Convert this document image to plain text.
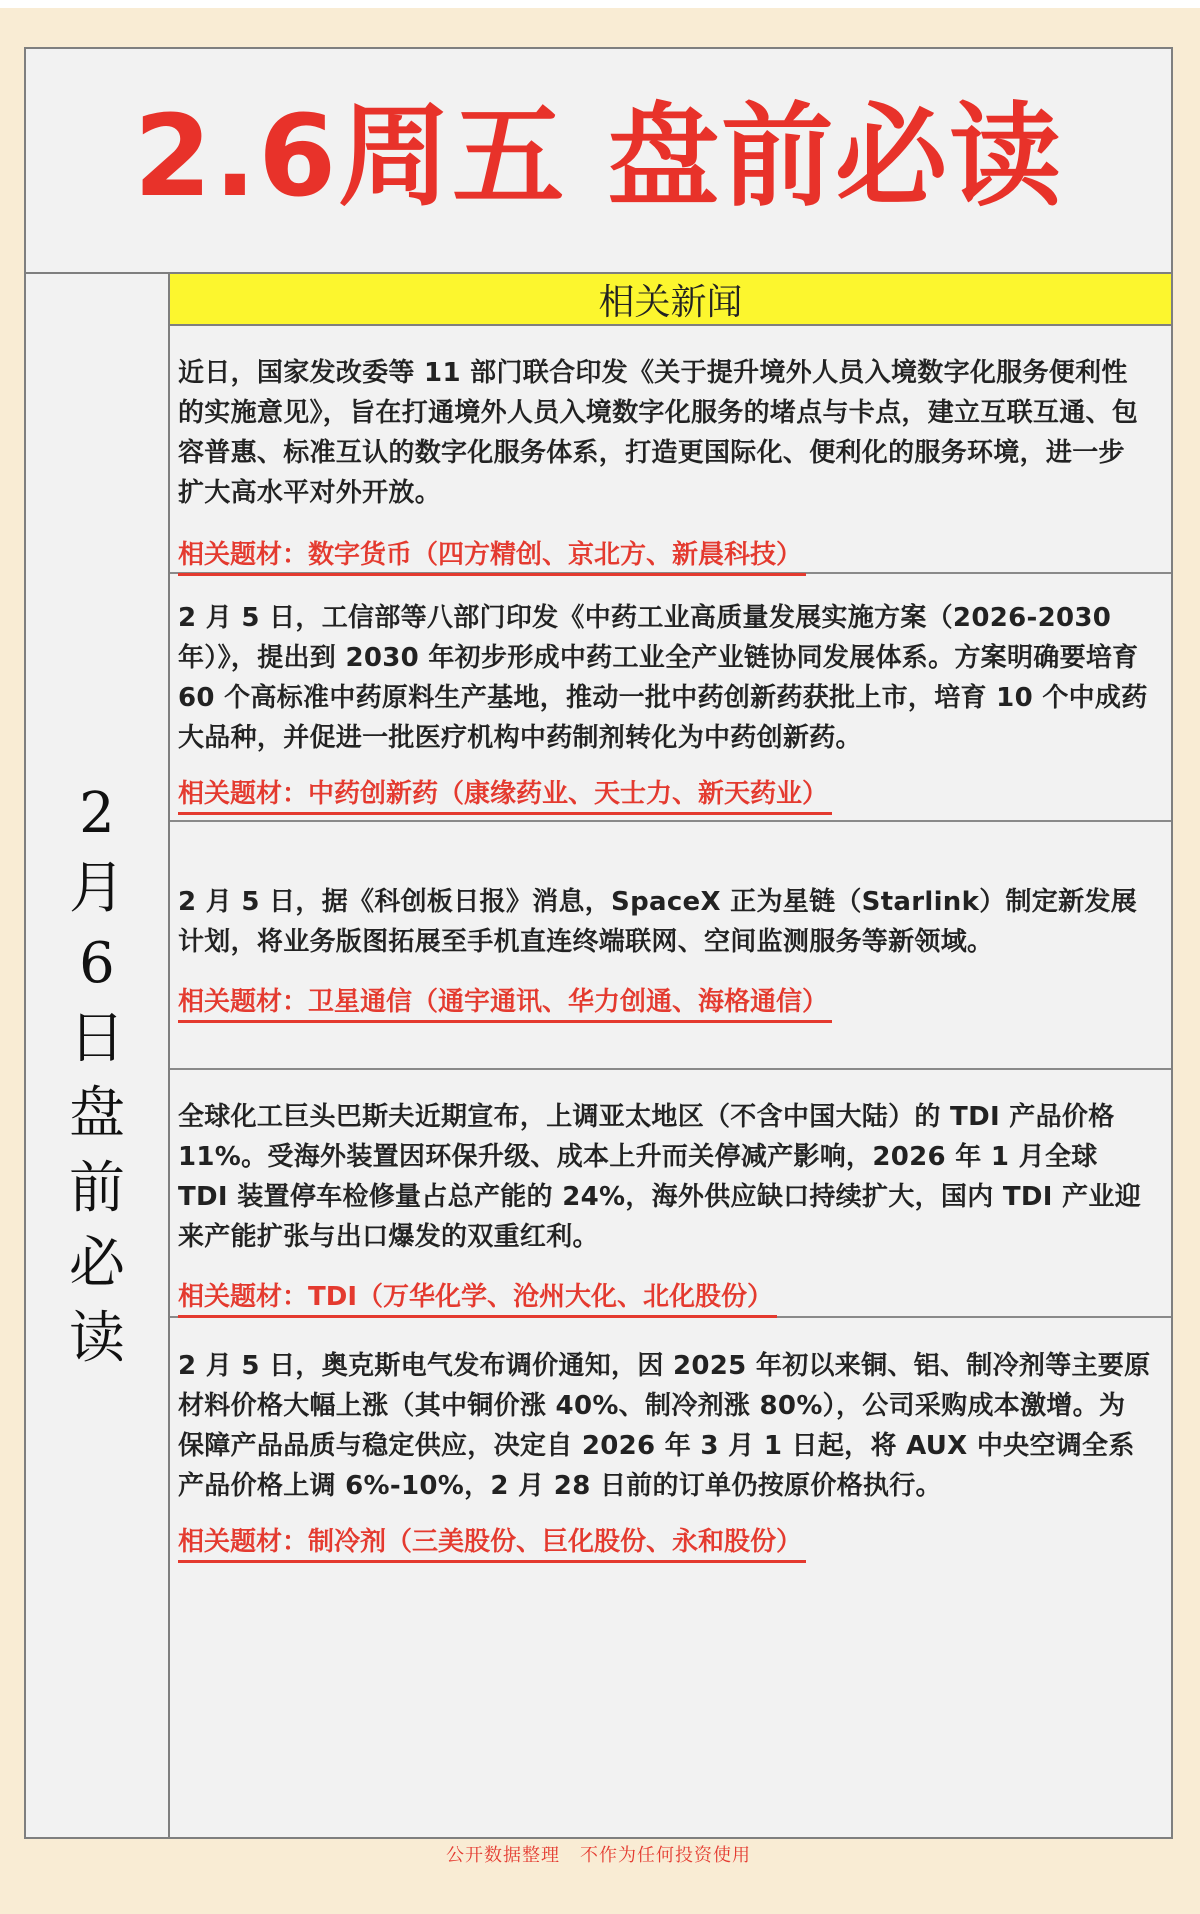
2.6周五 盘前必读
2月6日盘前必读
相关新闻
近日，国家发改委等 11 部门联合印发《关于提升境外人员入境数字化服务便利性的实施意见》，旨在打通境外人员入境数字化服务的堵点与卡点，建立互联互通、包容普惠、标准互认的数字化服务体系，打造更国际化、便利化的服务环境，进一步扩大高水平对外开放。
相关题材：数字货币（四方精创、京北方、新晨科技）
2 月 5 日，工信部等八部门印发《中药工业高质量发展实施方案（2026-2030 年）》，提出到 2030 年初步形成中药工业全产业链协同发展体系。方案明确要培育 60 个高标准中药原料生产基地，推动一批中药创新药获批上市，培育 10 个中成药大品种，并促进一批医疗机构中药制剂转化为中药创新药。
相关题材：中药创新药（康缘药业、天士力、新天药业）
2 月 5 日，据《科创板日报》消息，SpaceX 正为星链（Starlink）制定新发展计划，将业务版图拓展至手机直连终端联网、空间监测服务等新领域。
相关题材：卫星通信（通宇通讯、华力创通、海格通信）
全球化工巨头巴斯夫近期宣布，上调亚太地区（不含中国大陆）的 TDI 产品价格 11%。受海外装置因环保升级、成本上升而关停减产影响，2026 年 1 月全球 TDI 装置停车检修量占总产能的 24%，海外供应缺口持续扩大，国内 TDI 产业迎来产能扩张与出口爆发的双重红利。
相关题材：TDI（万华化学、沧州大化、北化股份）
2 月 5 日，奥克斯电气发布调价通知，因 2025 年初以来铜、铝、制冷剂等主要原材料价格大幅上涨（其中铜价涨 40%、制冷剂涨 80%），公司采购成本激增。为保障产品品质与稳定供应，决定自 2026 年 3 月 1 日起，将 AUX 中央空调全系产品价格上调 6%-10%，2 月 28 日前的订单仍按原价格执行。
相关题材：制冷剂（三美股份、巨化股份、永和股份）
公开数据整理 不作为任何投资使用
